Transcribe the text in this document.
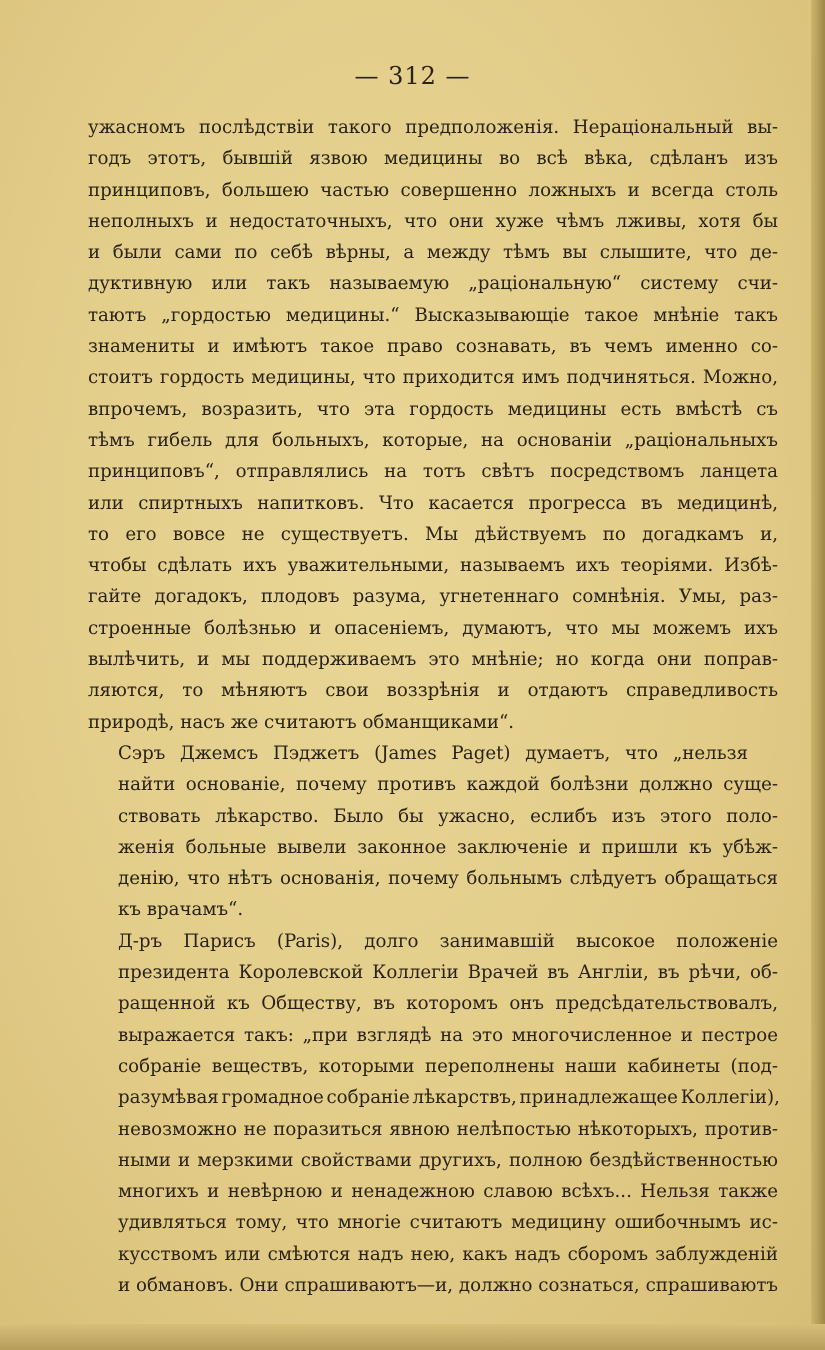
— 312 —
ужасномъ послѣдствіи такого предположенія. Нераціональный вы-
годъ этотъ, бывшій язвою медицины во всѣ вѣка, сдѣланъ изъ
принциповъ, большею частью совершенно ложныхъ и всегда столь
неполныхъ и недостаточныхъ, что они хуже чѣмъ лживы, хотя бы
и были сами по себѣ вѣрны, а между тѣмъ вы слышите, что де-
дуктивную или такъ называемую „раціональную“ систему счи-
таютъ „гордостью медицины.“ Высказывающіе такое мнѣніе такъ
знамениты и имѣютъ такое право сознавать, въ чемъ именно со-
стоитъ гордость медицины, что приходится имъ подчиняться. Можно,
впрочемъ, возразить, что эта гордость медицины есть вмѣстѣ съ
тѣмъ гибель для больныхъ, которые, на основаніи „раціональныхъ
принциповъ“, отправлялись на тотъ свѣтъ посредствомъ ланцета
или спиртныхъ напитковъ. Что касается прогресса въ медицинѣ,
то его вовсе не существуетъ. Мы дѣйствуемъ по догадкамъ и,
чтобы сдѣлать ихъ уважительными, называемъ ихъ теоріями. Избѣ-
гайте догадокъ, плодовъ разума, угнетеннаго сомнѣнія. Умы, раз-
строенные болѣзнью и опасеніемъ, думаютъ, что мы можемъ ихъ
вылѣчить, и мы поддерживаемъ это мнѣніе; но когда они поправ-
ляются, то мѣняютъ свои воззрѣнія и отдаютъ справедливость
природѣ, насъ же считаютъ обманщиками“.
Сэръ Джемсъ Пэджетъ (James Paget) думаетъ, что „нельзя
найти основаніе, почему противъ каждой болѣзни должно суще-
ствовать лѣкарство. Было бы ужасно, еслибъ изъ этого поло-
женія больные вывели законное заключеніе и пришли къ убѣж-
денію, что нѣтъ основанія, почему больнымъ слѣдуетъ обращаться
къ врачамъ“.
Д-ръ Парисъ (Paris), долго занимавшій высокое положеніе
президента Королевской Коллегіи Врачей въ Англіи, въ рѣчи, об-
ращенной къ Обществу, въ которомъ онъ предсѣдательствовалъ,
выражается такъ: „при взглядѣ на это многочисленное и пестрое
собраніе веществъ, которыми переполнены наши кабинеты (под-
разумѣвая громадное собраніе лѣкарствъ, принадлежащее Коллегіи),
невозможно не поразиться явною нелѣпостью нѣкоторыхъ, против-
ными и мерзкими свойствами другихъ, полною бездѣйственностью
многихъ и невѣрною и ненадежною славою всѣхъ... Нельзя также
удивляться тому, что многіе считаютъ медицину ошибочнымъ ис-
кусствомъ или смѣются надъ нею, какъ надъ сборомъ заблужденій
и обмановъ. Они спрашиваютъ—и, должно сознаться, спрашиваютъ
